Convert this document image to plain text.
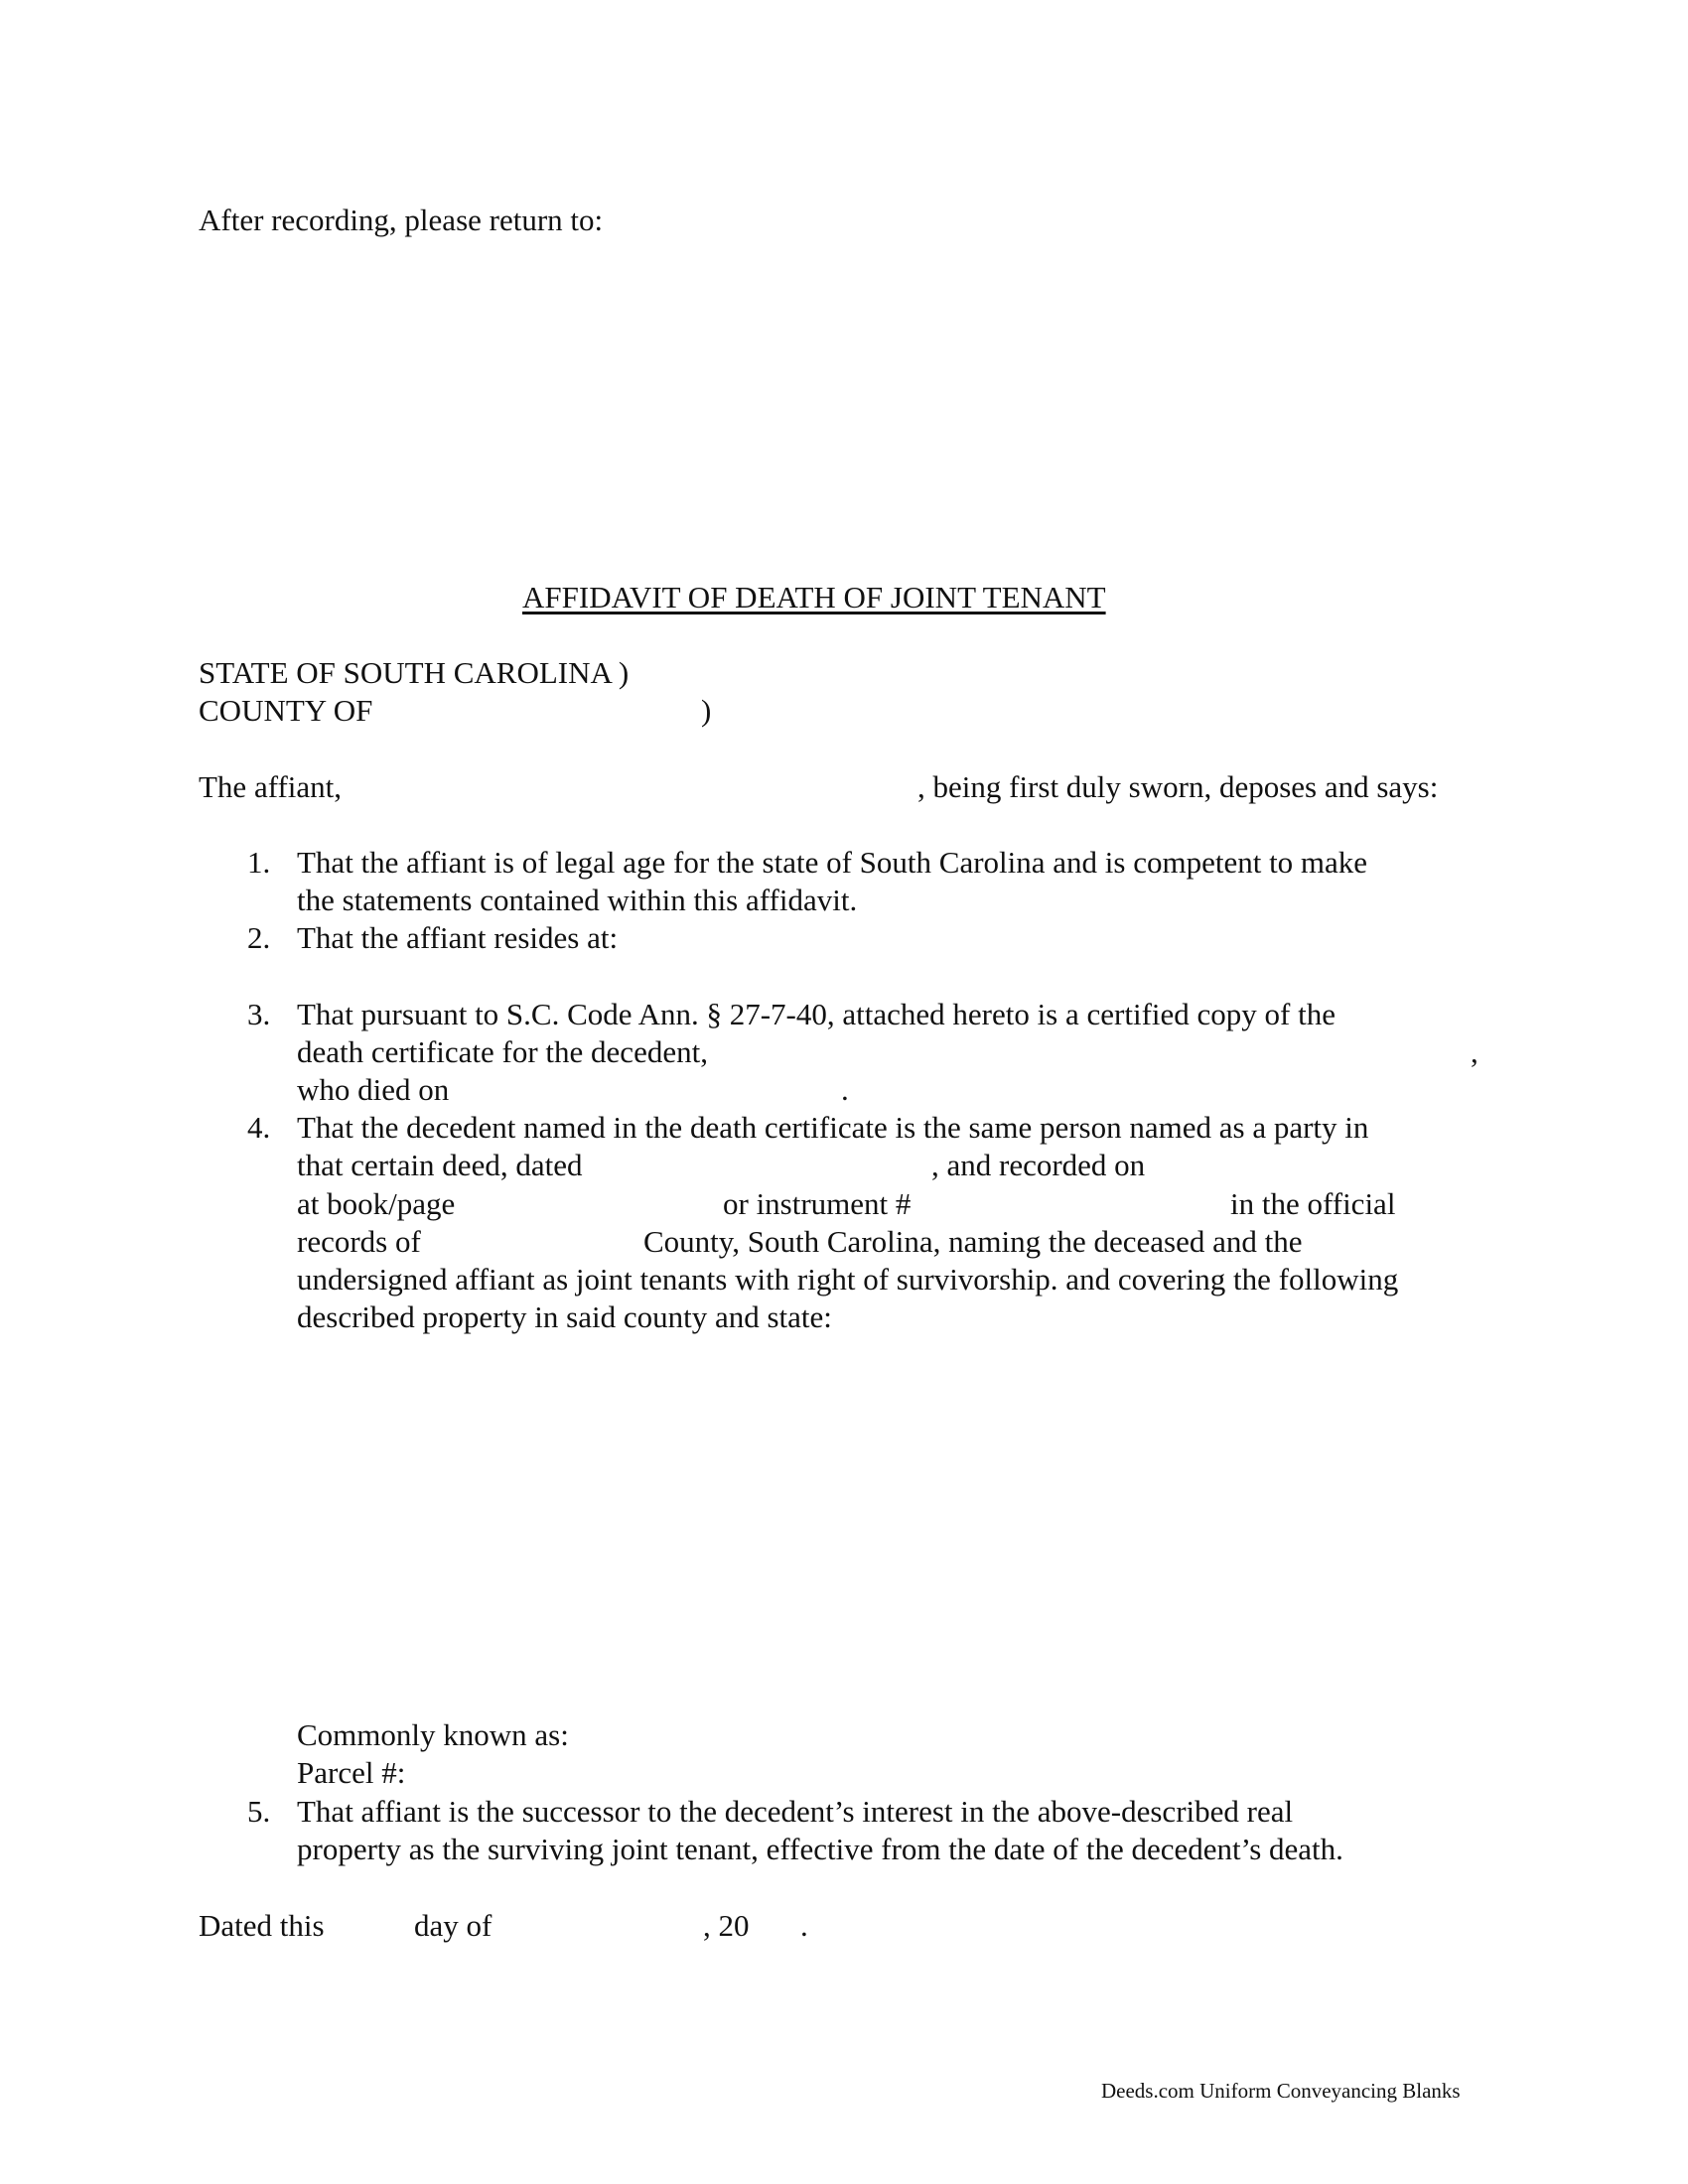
After recording, please return to:
AFFIDAVIT OF DEATH OF JOINT TENANT
STATE OF SOUTH CAROLINA )
COUNTY OF	)
The affiant,	, being first duly sworn, deposes and says:
1. That the affiant is of legal age for the state of South Carolina and is competent to make
the statements contained within this affidavit.
2. That the affiant resides at:
3. That pursuant to S.C. Code Ann. § 27-7-40, attached hereto is a certified copy of the
death certificate for the decedent,	,
who died on	.
4. That the decedent named in the death certificate is the same person named as a party in
that certain deed, dated	, and recorded on
at book/page	or instrument #	in the official
records of	County, South Carolina, naming the deceased and the
undersigned affiant as joint tenants with right of survivorship. and covering the following
described property in said county and state:
Commonly known as:
Parcel #:
5. That affiant is the successor to the decedent’s interest in the above-described real
property as the surviving joint tenant, effective from the date of the decedent’s death.
Dated this	day of	, 20 .
Deeds.com Uniform Conveyancing Blanks
